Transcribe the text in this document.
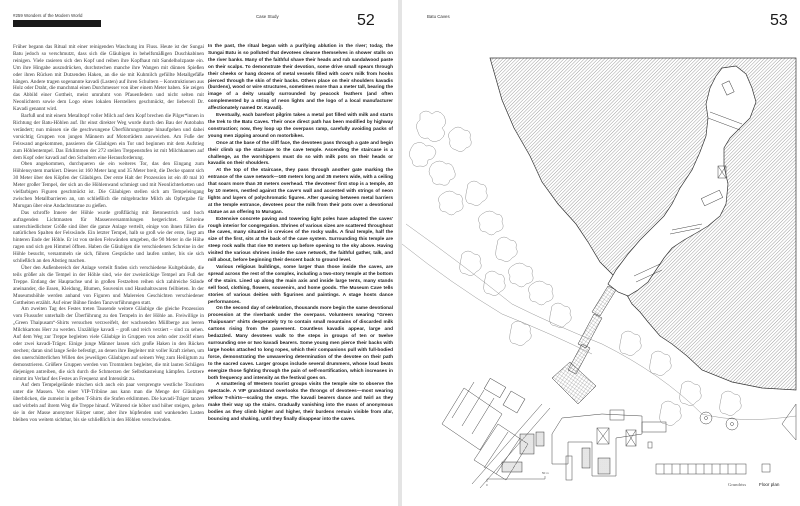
#259 Wonders of the Modern World	Case Study	52

Früher begann das Ritual mit einer reinigenden Waschung im Fluss. Heute ist der Sungai Batu jedoch so verschmutzt, dass sich die Gläubigen in behelfsmäßigen Duschkabinen reinigen. Viele rasieren sich den Kopf und reiben ihre Kopfhaut mit Sandelholzpaste ein. Um ihre Hingabe auszudrücken, durchstechen manche ihre Wangen mit dünnen Spießen oder ihren Rücken mit Dutzenden Haken, an die sie mit Kuhmilch gefüllte Metallgefäße hängen. Andere tragen sogenannte kavadi (Lasten) auf ihren Schultern – Konstruktionen aus Holz oder Draht, die manchmal einen Durchmesser von über einem Meter haben. Sie zeigen das Abbild einer Gottheit, meist umrahmt von Pfauenfedern und nicht selten mit Neonlichtern sowie dem Logo eines lokalen Herstellers geschmückt, der liebevoll Dr. Kavadi genannt wird.

Barfuß und mit einem Metalltopf voller Milch auf dem Kopf brechen die Pilger*innen in Richtung der Batu-Höhlen auf. Ihr einst direkter Weg wurde durch den Bau der Autobahn verändert; nun müssen sie die geschwungene Überführungsrampe hinaufgehen und dabei vorsichtig Gruppen von jungen Männern auf Motorrädern ausweichen. Am Fuße der Felswand angekommen, passieren die Gläubigen ein Tor und beginnen mit dem Aufstieg zum Höhlentempel. Das Erklimmen der 272 steilen Treppenstufen ist mit Milchkannen auf dem Kopf oder kavadi auf den Schultern eine Herausforderung.

Oben angekommen, durchqueren sie ein weiteres Tor, das den Eingang zum Höhlensystem markiert. Dieses ist 160 Meter lang und 35 Meter breit, die Decke spannt sich 30 Meter über den Köpfen der Gläubigen. Der erste Halt der Prozession ist ein 40 mal 10 Meter großer Tempel, der sich an die Höhlenwand schmiegt und mit Neonlichterketten und vielfarbigen Figuren geschmückt ist. Die Gläubigen stellen sich am Tempeleingang zwischen Metallbarrieren an, um schließlich die mitgebrachte Milch als Opfergabe für Murugan über eine Andachtsstatue zu gießen.

Das schroffe Innere der Höhle wurde großflächig mit Betonestrich und hoch aufragenden Lichtmasten für Massenversammlungen hergerichtet. Schreine unterschiedlichster Größe sind über die ganze Anlage verteilt, einige von ihnen füllen die natürlichen Spalten der Felswände. Ein letzter Tempel, halb so groß wie der erste, liegt am hinteren Ende der Höhle. Er ist von steilen Felswänden umgeben, die 90 Meter in die Höhe ragen und sich gen Himmel öffnen. Haben die Gläubigen die verschiedenen Schreine in der Höhle besucht, versammeln sie sich, führen Gespräche und laufen umher, bis sie sich schließlich an den Abstieg machen.

Über den Außenbereich der Anlage verteilt finden sich verschiedene Kultgebäude, die teils größer als die Tempel in der Höhle sind, wie der zweistöckige Tempel am Fuß der Treppe. Entlang der Hauptachse und in großen Festzelten reihen sich zahlreiche Stände aneinander, die Essen, Kleidung, Blumen, Souvenirs und Haushaltswaren feilbieten. In der Museumshöhle werden anhand von Figuren und Malereien Geschichten verschiedener Gottheiten erzählt. Auf einer Bühne finden Tanzvorführungen statt.

Am zweiten Tag des Festes treten Tausende weitere Gläubige die gleiche Prozession vom Flussufer unterhalb der Überführung zu den Tempeln in der Höhle an. Freiwillige in „Green Thaipusam“-Shirts versuchen verzweifelt, der wachsenden Müllberge aus leeren Milchkartons Herr zu werden. Unzählige kavadi – groß und reich verziert – sind zu sehen. Auf dem Weg zur Treppe begleiten viele Gläubige in Gruppen von zehn oder zwölf einen oder zwei kavadi-Träger. Einige junge Männer lassen sich große Haken in den Rücken stechen; daran sind lange Seile befestigt, an denen ihre Begleiter mit voller Kraft ziehen, um den unerschütterlichen Willen des jeweiligen Gläubigen auf seinem Weg zum Heiligtum zu demonstrieren. Größere Gruppen werden von Trommlern begleitet, die mit lauten Schlägen diejenigen antreiben, die sich durch die Schmerzen der Selbstkasteiung kämpfen. Letztere nimmt im Verlauf des Festes an Frequenz und Intensität zu.

Auf dem Tempelgelände mischen sich auch ein paar versprengte westliche Touristen unter die Massen. Von einer VIP-Tribüne aus kann man die Menge der Gläubigen überblicken, die zumeist in gelben T-Shirts die Stufen erklimmen. Die kavadi-Träger tanzen und wirbeln auf ihrem Weg die Treppe hinauf. Während sie höher und höher steigen, gehen sie in der Masse anonymer Körper unter, aber ihre hüpfenden und wankenden Lasten bleiben von weitem sichtbar, bis sie schließlich in den Höhlen verschwinden.

In the past, the ritual began with a purifying ablution in the river; today, the Sungai Batu is so polluted that devotees cleanse themselves in shower stalls on the river banks. Many of the faithful shave their heads and rub sandalwood paste on their scalps. To demonstrate their devotion, some drive small spears through their cheeks or hang dozens of metal vessels filled with cow's milk from hooks pierced through the skin of their backs. Others place on their shoulders kavadis (burdens), wood or wire structures, sometimes more than a meter tall, bearing the image of a deity usually surrounded by peacock feathers (and often complemented by a string of neon lights and the logo of a local manufacturer affectionately named Dr. Kavadi).

Eventually, each barefoot pilgrim takes a metal pot filled with milk and starts the trek to the Batu Caves. Their once direct path has been modified by highway construction; now, they loop up the overpass ramp, carefully avoiding packs of young men zipping around on motorbikes.

Once at the base of the cliff face, the devotees pass through a gate and begin their climb up the staircase to the cave temple. Ascending the staircase is a challenge, as the worshippers must do so with milk pots on their heads or kavadis on their shoulders.

At the top of the staircase, they pass through another gate marking the entrance of the cave network—160 meters long and 35 meters wide, with a ceiling that soars more than 30 meters overhead. The devotees' first stop is a temple, 40 by 10 meters, nestled against the cave's wall and accented with strings of neon lights and layers of polychromatic figures. After queuing between metal barriers at the temple entrance, devotees pour the milk from their pots over a devotional statue as an offering to Murugan.

Extensive concrete paving and towering light poles have adapted the caves' rough interior for congregation. Shrines of various sizes are scattered throughout the caves, many situated in crevices of the rocky walls. A final temple, half the size of the first, sits at the back of the cave system. Surrounding this temple are steep rock walls that rise 90 meters up before opening to the sky above. Having visited the various shrines inside the cave network, the faithful gather, talk, and mill about, before beginning their descent back to ground level.

Various religious buildings, some larger than those inside the caves, are spread across the rest of the complex, including a two-story temple at the bottom of the stairs. Lined up along the main axis and inside large tents, many stands sell food, clothing, flowers, souvenirs, and home goods. The Museum Cave tells stories of various deities with figurines and paintings. A stage hosts dance performances.

On the second day of celebration, thousands more begin the same devotional procession at the riverbank under the overpass. Volunteers wearing “Green Thaipusam” shirts desperately try to contain small mountains of discarded milk cartons rising from the pavement. Countless kavadis appear, large and bedazzled. Many devotees walk to the steps in groups of ten or twelve surrounding one or two kavadi bearers. Some young men pierce their backs with large hooks attached to long ropes, which their companions pull with full-bodied force, demonstrating the unwavering determination of the devotee on their path to the sacred caves. Larger groups include several drummers, whose loud beats energize those fighting through the pain of self-mortification, which increases in both frequency and intensity as the festival goes on.

A smattering of Western tourist groups visits the temple site to observe the spectacle. A VIP grandstand overlooks the throngs of devotees—most wearing yellow T-shirts—scaling the steps. The kavadi bearers dance and twirl as they make their way up the stairs. Gradually vanishing into the mass of anonymous bodies as they climb higher and higher, their burdens remain visible from afar, bouncing and shaking, until they finally disappear into the caves.

Batu Caves	53
0
50 m
Grundriss	Floor plan
